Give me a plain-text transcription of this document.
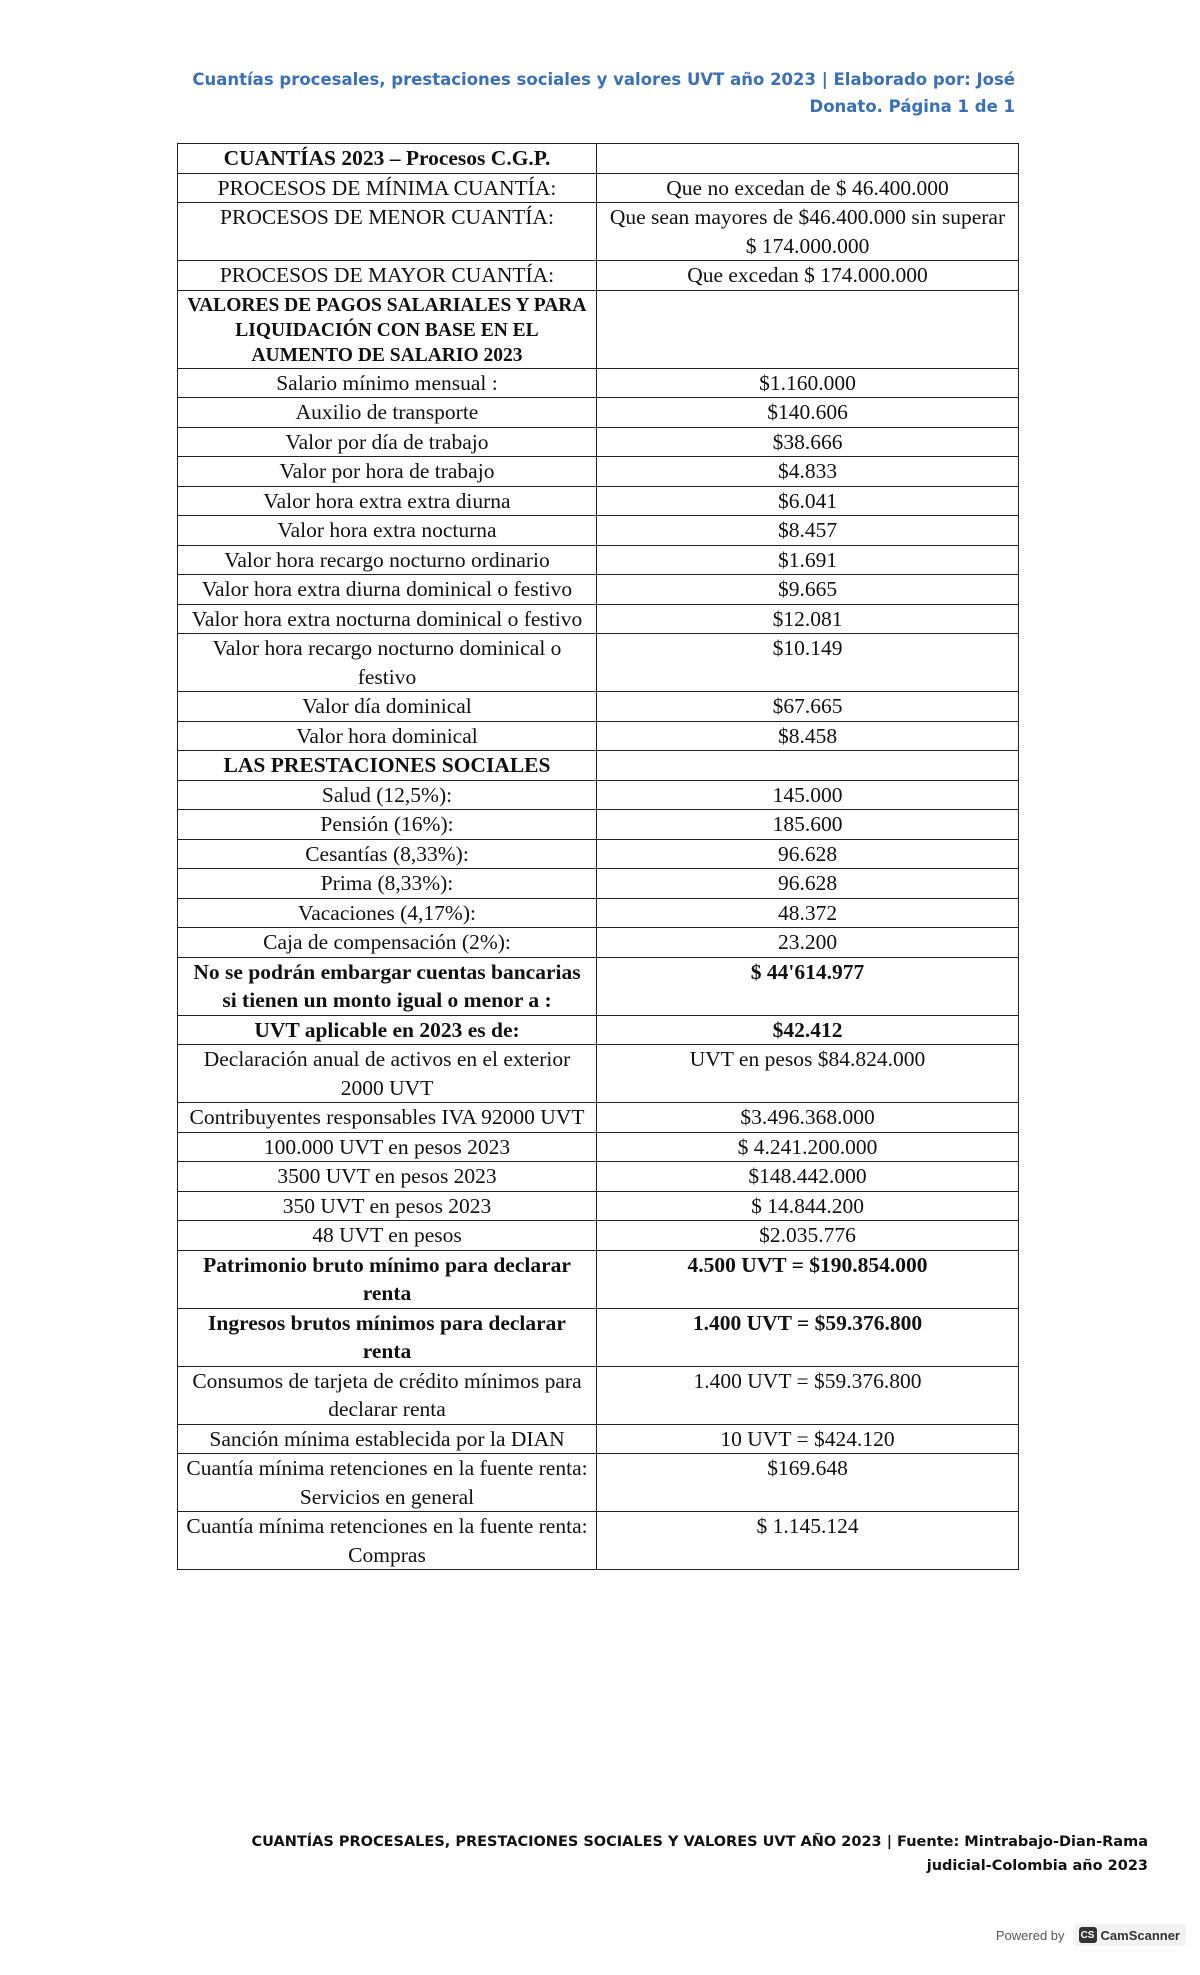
Cuantías procesales, prestaciones sociales y valores UVT año 2023 | Elaborado por: José
Donato. Página 1 de 1
CUANTÍAS 2023 – Procesos C.G.P.	
PROCESOS DE MÍNIMA CUANTÍA:	Que no excedan de $ 46.400.000
PROCESOS DE MENOR CUANTÍA:	Que sean mayores de $46.400.000 sin superar $ 174.000.000
PROCESOS DE MAYOR CUANTÍA:	Que excedan $ 174.000.000
VALORES DE PAGOS SALARIALES Y PARA LIQUIDACIÓN CON BASE EN EL AUMENTO DE SALARIO 2023	
Salario mínimo mensual :	$1.160.000
Auxilio de transporte	$140.606
Valor por día de trabajo	$38.666
Valor por hora de trabajo	$4.833
Valor hora extra extra diurna	$6.041
Valor hora extra nocturna	$8.457
Valor hora recargo nocturno ordinario	$1.691
Valor hora extra diurna dominical o festivo	$9.665
Valor hora extra nocturna dominical o festivo	$12.081
Valor hora recargo nocturno dominical o festivo	$10.149
Valor día dominical	$67.665
Valor hora dominical	$8.458
LAS PRESTACIONES SOCIALES	
Salud (12,5%):	145.000
Pensión (16%):	185.600
Cesantías (8,33%):	96.628
Prima (8,33%):	96.628
Vacaciones (4,17%):	48.372
Caja de compensación (2%):	23.200
No se podrán embargar cuentas bancarias si tienen un monto igual o menor a :	$ 44'614.977
UVT aplicable en 2023 es de:	$42.412
Declaración anual de activos en el exterior 2000 UVT	UVT en pesos $84.824.000
Contribuyentes responsables IVA 92000 UVT	$3.496.368.000
100.000 UVT en pesos 2023	$ 4.241.200.000
3500 UVT en pesos 2023	$148.442.000
350 UVT en pesos 2023	$ 14.844.200
48 UVT en pesos	$2.035.776
Patrimonio bruto mínimo para declarar renta	4.500 UVT = $190.854.000
Ingresos brutos mínimos para declarar renta	1.400 UVT = $59.376.800
Consumos de tarjeta de crédito mínimos para declarar renta	1.400 UVT = $59.376.800
Sanción mínima establecida por la DIAN	10 UVT = $424.120
Cuantía mínima retenciones en la fuente renta: Servicios en general	$169.648
Cuantía mínima retenciones en la fuente renta: Compras	$ 1.145.124
CUANTÍAS PROCESALES, PRESTACIONES SOCIALES Y VALORES UVT AÑO 2023 | Fuente: Mintrabajo-Dian-Rama
judicial-Colombia año 2023
Powered by CS CamScanner
